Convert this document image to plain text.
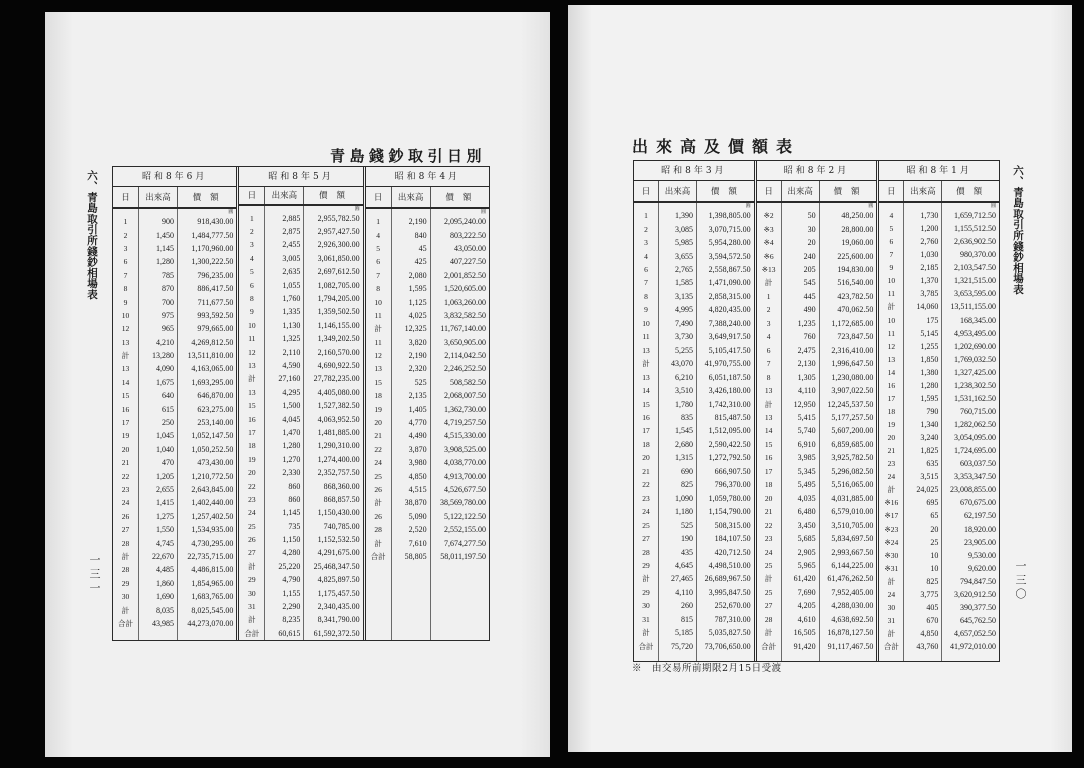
六、青島取引所錢鈔相場表
一三一
青島錢鈔取引日別
昭和8年6月
日	出來高	價額
1	900	918,430.00
圓
2	1,450	1,484,777.50
3	1,145	1,170,960.00
6	1,280	1,300,222.50
7	785	796,235.00
8	870	886,417.50
9	700	711,677.50
10	975	993,592.50
12	965	979,665.00
13	4,210	4,269,812.50
計	13,280	13,511,810.00
13	4,090	4,163,065.00
14	1,675	1,693,295.00
15	640	646,870.00
16	615	623,275.00
17	250	253,140.00
19	1,045	1,052,147.50
20	1,040	1,050,252.50
21	470	473,430.00
22	1,205	1,210,772.50
23	2,655	2,643,845.00
24	1,415	1,402,440.00
26	1,275	1,257,402.50
27	1,550	1,534,935.00
28	4,745	4,730,295.00
計	22,670	22,735,715.00
28	4,485	4,486,815.00
29	1,860	1,854,965.00
30	1,690	1,683,765.00
計	8,035	8,025,545.00
合計	43,985	44,273,070.00
昭和8年5月
日	出來高	價額
1	2,885	2,955,782.50
圓
2	2,875	2,957,427.50
3	2,455	2,926,300.00
4	3,005	3,061,850.00
5	2,635	2,697,612.50
6	1,055	1,082,705.00
8	1,760	1,794,205.00
9	1,335	1,359,502.50
10	1,130	1,146,155.00
11	1,325	1,349,202.50
12	2,110	2,160,570.00
13	4,590	4,690,922.50
計	27,160	27,782,235.00
13	4,295	4,405,080.00
15	1,500	1,527,382.50
16	4,045	4,063,952.50
17	1,470	1,481,885.00
18	1,280	1,290,310.00
19	1,270	1,274,400.00
20	2,330	2,352,757.50
22	860	868,360.00
23	860	868,857.50
24	1,145	1,150,430.00
25	735	740,785.00
26	1,150	1,152,532.50
27	4,280	4,291,675.00
計	25,220	25,468,347.50
29	4,790	4,825,897.50
30	1,155	1,175,457.50
31	2,290	2,340,435.00
計	8,235	8,341,790.00
合計	60,615	61,592,372.50
昭和8年4月
日	出來高	價額
1	2,190	2,095,240.00
圓
4	840	803,222.50
5	45	43,050.00
6	425	407,227.50
7	2,080	2,001,852.50
8	1,595	1,520,605.00
10	1,125	1,063,260.00
11	4,025	3,832,582.50
計	12,325	11,767,140.00
11	3,820	3,650,905.00
12	2,190	2,114,042.50
13	2,320	2,246,252.50
15	525	508,582.50
18	2,135	2,068,007.50
19	1,405	1,362,730.00
20	4,770	4,719,257.50
21	4,490	4,515,330.00
22	3,870	3,908,525.00
24	3,980	4,038,770.00
25	4,850	4,913,700.00
26	4,515	4,526,677.50
計	38,870	38,569,780.00
26	5,090	5,122,122.50
28	2,520	2,552,155.00
計	7,610	7,674,277.50
合計	58,805	58,011,197.50
出來高及價額表
六、青島取引所錢鈔相場表
一三〇
昭和8年3月
日	出來高	價額
1	1,390	1,398,805.00
圓
2	3,085	3,070,715.00
3	5,985	5,954,280.00
4	3,655	3,594,572.50
6	2,765	2,558,867.50
7	1,585	1,471,090.00
8	3,135	2,858,315.00
9	4,995	4,820,435.00
10	7,490	7,388,240.00
11	3,730	3,649,917.50
13	5,255	5,105,417.50
計	43,070	41,970,755.00
13	6,210	6,051,187.50
14	3,510	3,426,180.00
15	1,780	1,742,310.00
16	835	815,487.50
17	1,545	1,512,095.00
18	2,680	2,590,422.50
20	1,315	1,272,792.50
21	690	666,907.50
22	825	796,370.00
23	1,090	1,059,780.00
24	1,180	1,154,790.00
25	525	508,315.00
27	190	184,107.50
28	435	420,712.50
29	4,645	4,498,510.00
計	27,465	26,689,967.50
29	4,110	3,995,847.50
30	260	252,670.00
31	815	787,310.00
計	5,185	5,035,827.50
合計	75,720	73,706,650.00
昭和8年2月
日	出來高	價額
※2	50	48,250.00
圓
※3	30	28,800.00
※4	20	19,060.00
※6	240	225,600.00
※13	205	194,830.00
計	545	516,540.00
1	445	423,782.50
2	490	470,062.50
3	1,235	1,172,685.00
4	760	723,847.50
6	2,475	2,316,410.00
7	2,130	1,996,647.50
8	1,305	1,230,080.00
13	4,110	3,907,022.50
計	12,950	12,245,537.50
13	5,415	5,177,257.50
14	5,740	5,607,200.00
15	6,910	6,859,685.00
16	3,985	3,925,782.50
17	5,345	5,296,082.50
18	5,495	5,516,065.00
20	4,035	4,031,885.00
21	6,480	6,579,010.00
22	3,450	3,510,705.00
23	5,685	5,834,697.50
24	2,905	2,993,667.50
25	5,965	6,144,225.00
計	61,420	61,476,262.50
25	7,690	7,952,405.00
27	4,205	4,288,030.00
28	4,610	4,638,692.50
計	16,505	16,878,127.50
合計	91,420	91,117,467.50
昭和8年1月
日	出來高	價額
4	1,730	1,659,712.50
圓
5	1,200	1,155,512.50
6	2,760	2,636,902.50
7	1,030	980,370.00
9	2,185	2,103,547.50
10	1,370	1,321,515.00
11	3,785	3,653,595.00
計	14,060	13,511,155.00
10	175	168,345.00
11	5,145	4,953,495.00
12	1,255	1,202,690.00
13	1,850	1,769,032.50
14	1,380	1,327,425.00
16	1,280	1,238,302.50
17	1,595	1,531,162.50
18	790	760,715.00
19	1,340	1,282,062.50
20	3,240	3,054,095.00
21	1,825	1,724,695.00
23	635	603,037.50
24	3,515	3,353,347.50
計	24,025	23,008,855.00
※16	695	670,675.00
※17	65	62,197.50
※23	20	18,920.00
※24	25	23,905.00
※30	10	9,530.00
※31	10	9,620.00
計	825	794,847.50
24	3,775	3,620,912.50
30	405	390,377.50
31	670	645,762.50
計	4,850	4,657,052.50
合計	43,760	41,972,010.00
※　由交易所前期限2月15日受渡
